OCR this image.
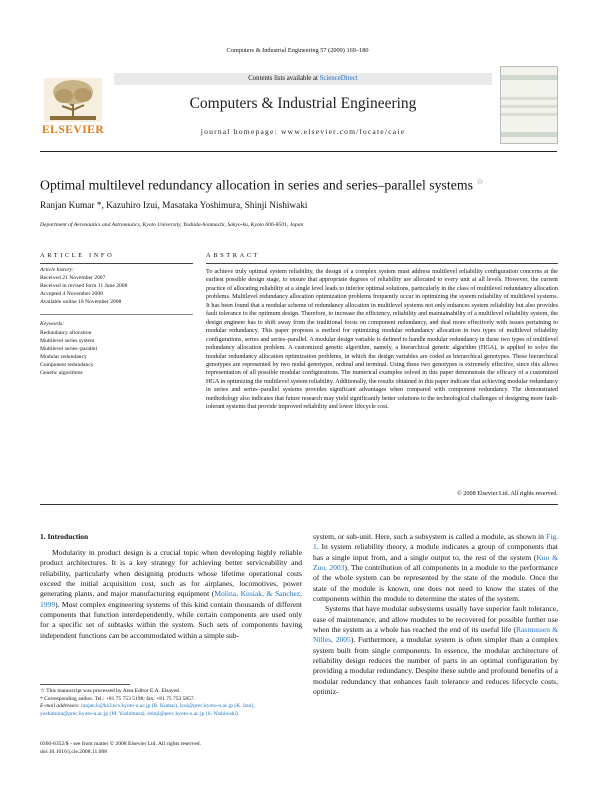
Computers & Industrial Engineering 57 (2009) 169–180
ELSEVIER
Contents lists available at ScienceDirect
Computers & Industrial Engineering
journal homepage: www.elsevier.com/locate/caie
Optimal multilevel redundancy allocation in series and series–parallel systems ☆
Ranjan Kumar *, Kazuhiro Izui, Masataka Yoshimura, Shinji Nishiwaki
Department of Aeronautics and Astronautics, Kyoto University, Yoshida-honmachi, Sakyo-ku, Kyoto 606-8501, Japan
ARTICLE INFO
Article history:
Received 21 November 2007
Received in revised form 11 June 2008
Accepted 4 November 2008
Available online 18 November 2008
Keywords:
Redundancy allocation
Multilevel series system
Multilevel series–parallel
Modular redundancy
Component redundancy
Genetic algorithms
ABSTRACT
To achieve truly optimal system reliability, the design of a complex system must address multilevel reliability configuration concerns at the earliest possible design stage, to ensure that appropriate degrees of reliability are allocated to every unit at all levels. However, the current practice of allocating reliability at a single level leads to inferior optimal solutions, particularly in the class of multilevel redundancy allocation problems. Multilevel redundancy allocation optimization problems frequently occur in optimizing the system reliability of multilevel systems. It has been found that a modular scheme of redundancy allocation in multilevel systems not only enhances system reliability but also provides fault tolerance to the optimum design. Therefore, to increase the efficiency, reliability and maintainability of a multilevel reliability system, the design engineer has to shift away from the traditional focus on component redundancy, and deal more effectively with issues pertaining to modular redundancy. This paper proposes a method for optimizing modular redundancy allocation in two types of multilevel reliability configurations, series and series–parallel. A modular design variable is defined to handle modular redundancy in these two types of multilevel redundancy allocation problem. A customized genetic algorithm, namely, a hierarchical genetic algorithm (HGA), is applied to solve the modular redundancy allocation optimization problems, in which the design variables are coded as hierarchical genotypes. These hierarchical genotypes are represented by two nodal genotypes, ordinal and terminal. Using these two genotypes is extremely effective, since this allows representation of all possible modular configurations. The numerical examples solved in this paper demonstrate the efficacy of a customized HGA in optimizing the multilevel system reliability. Additionally, the results obtained in this paper indicate that achieving modular redundancy in series and series–parallel systems provides significant advantages when compared with component redundancy. The demonstrated methodology also indicates that future research may yield significantly better solutions to the technological challenges of designing more fault-tolerant systems that provide improved reliability and lower lifecycle cost.
© 2008 Elsevier Ltd. All rights reserved.
1. Introduction

Modularity in product design is a crucial topic when developing highly reliable product architectures. It is a key strategy for achieving better serviceability and reliability, particularly when designing products whose lifetime operational costs exceed the initial acquisition cost, such as for airplanes, locomotives, power generating plants, and major manufacturing equipment (Molina, Kusiak, & Sanchez, 1999). Most complex engineering systems of this kind contain thousands of different components that function interdependently, while certain components are used only for a specific set of subtasks within the system. Such sets of components having independent functions can be accommodated within a simple sub-

system, or sub-unit. Here, such a subsystem is called a module, as shown in Fig. 1. In system reliability theory, a module indicates a group of components that has a single input from, and a single output to, the rest of the system (Kuo & Zuo, 2003). The contribution of all components in a module to the performance of the whole system can be represented by the state of the module. Once the state of the module is known, one does not need to know the states of the components within the module to determine the states of the system.

Systems that have modular subsystems usually have superior fault tolerance, ease of maintenance, and allow modules to be recovered for possible further use when the system as a whole has reached the end of its useful life (Rasmussen & Nilles, 2005). Furthermore, a modular system is often simpler than a complex system built from single components. In essence, the modular architecture of reliability design reduces the number of parts in an optimal configuration by providing a modular redundancy. Despite these subtle and profound benefits of a modular redundancy that enhances fault tolerance and reduces lifecycle costs, optimiz-

☆ This manuscript was processed by Area Editor E.A. Elsayed.

* Corresponding author. Tel.: +81 75 753 5198; fax: +81 75 753 5857.

E-mail addresses: ranjan.k@ks3.ecs.kyoto-u.ac.jp (R. Kumar), izui@prec.kyoto-u.ac.jp (K. Izui), yoshimura@prec.kyoto-u.ac.jp (M. Yoshimura), shinji@prec.kyoto-u.ac.jp (S. Nishiwaki).

0360-8352/$ - see front matter © 2008 Elsevier Ltd. All rights reserved.
doi:10.1016/j.cie.2008.11.008
